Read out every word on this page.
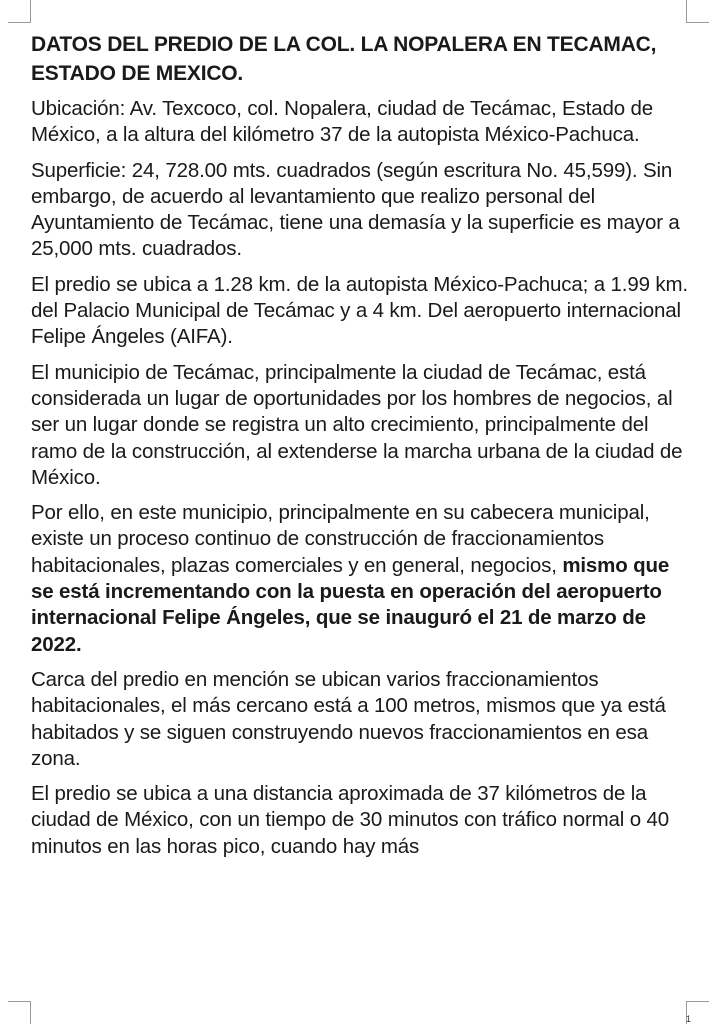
DATOS DEL PREDIO DE LA COL. LA NOPALERA EN TECAMAC, ESTADO DE MEXICO.

Ubicación: Av. Texcoco, col. Nopalera, ciudad de Tecámac, Estado de México, a la altura del kilómetro 37 de la autopista México-Pachuca.

Superficie: 24, 728.00 mts. cuadrados (según escritura No. 45,599). Sin embargo, de acuerdo al levantamiento que realizo personal del Ayuntamiento de Tecámac, tiene una demasía y la superficie es mayor a 25,000 mts. cuadrados.

El predio se ubica a 1.28 km. de la autopista México-Pachuca; a 1.99 km. del Palacio Municipal de Tecámac y a 4 km. Del aeropuerto internacional Felipe Ángeles (AIFA).

El municipio de Tecámac, principalmente la ciudad de Tecámac, está considerada un lugar de oportunidades por los hombres de negocios, al ser un lugar donde se registra un alto crecimiento, principalmente del ramo de la construcción, al extenderse la marcha urbana de la ciudad de México.

Por ello, en este municipio, principalmente en su cabecera municipal, existe un proceso continuo de construcción de fraccionamientos habitacionales, plazas comerciales y en general, negocios, mismo que se está incrementando con la puesta en operación del aeropuerto internacional Felipe Ángeles, que se inauguró el 21 de marzo de 2022.

Carca del predio en mención se ubican varios fraccionamientos habitacionales, el más cercano está a 100 metros, mismos que ya está habitados y se siguen construyendo nuevos fraccionamientos en esa zona.

El predio se ubica a una distancia aproximada de 37 kilómetros de la ciudad de México, con un tiempo de 30 minutos con tráfico normal o 40 minutos en las horas pico, cuando hay más

1
